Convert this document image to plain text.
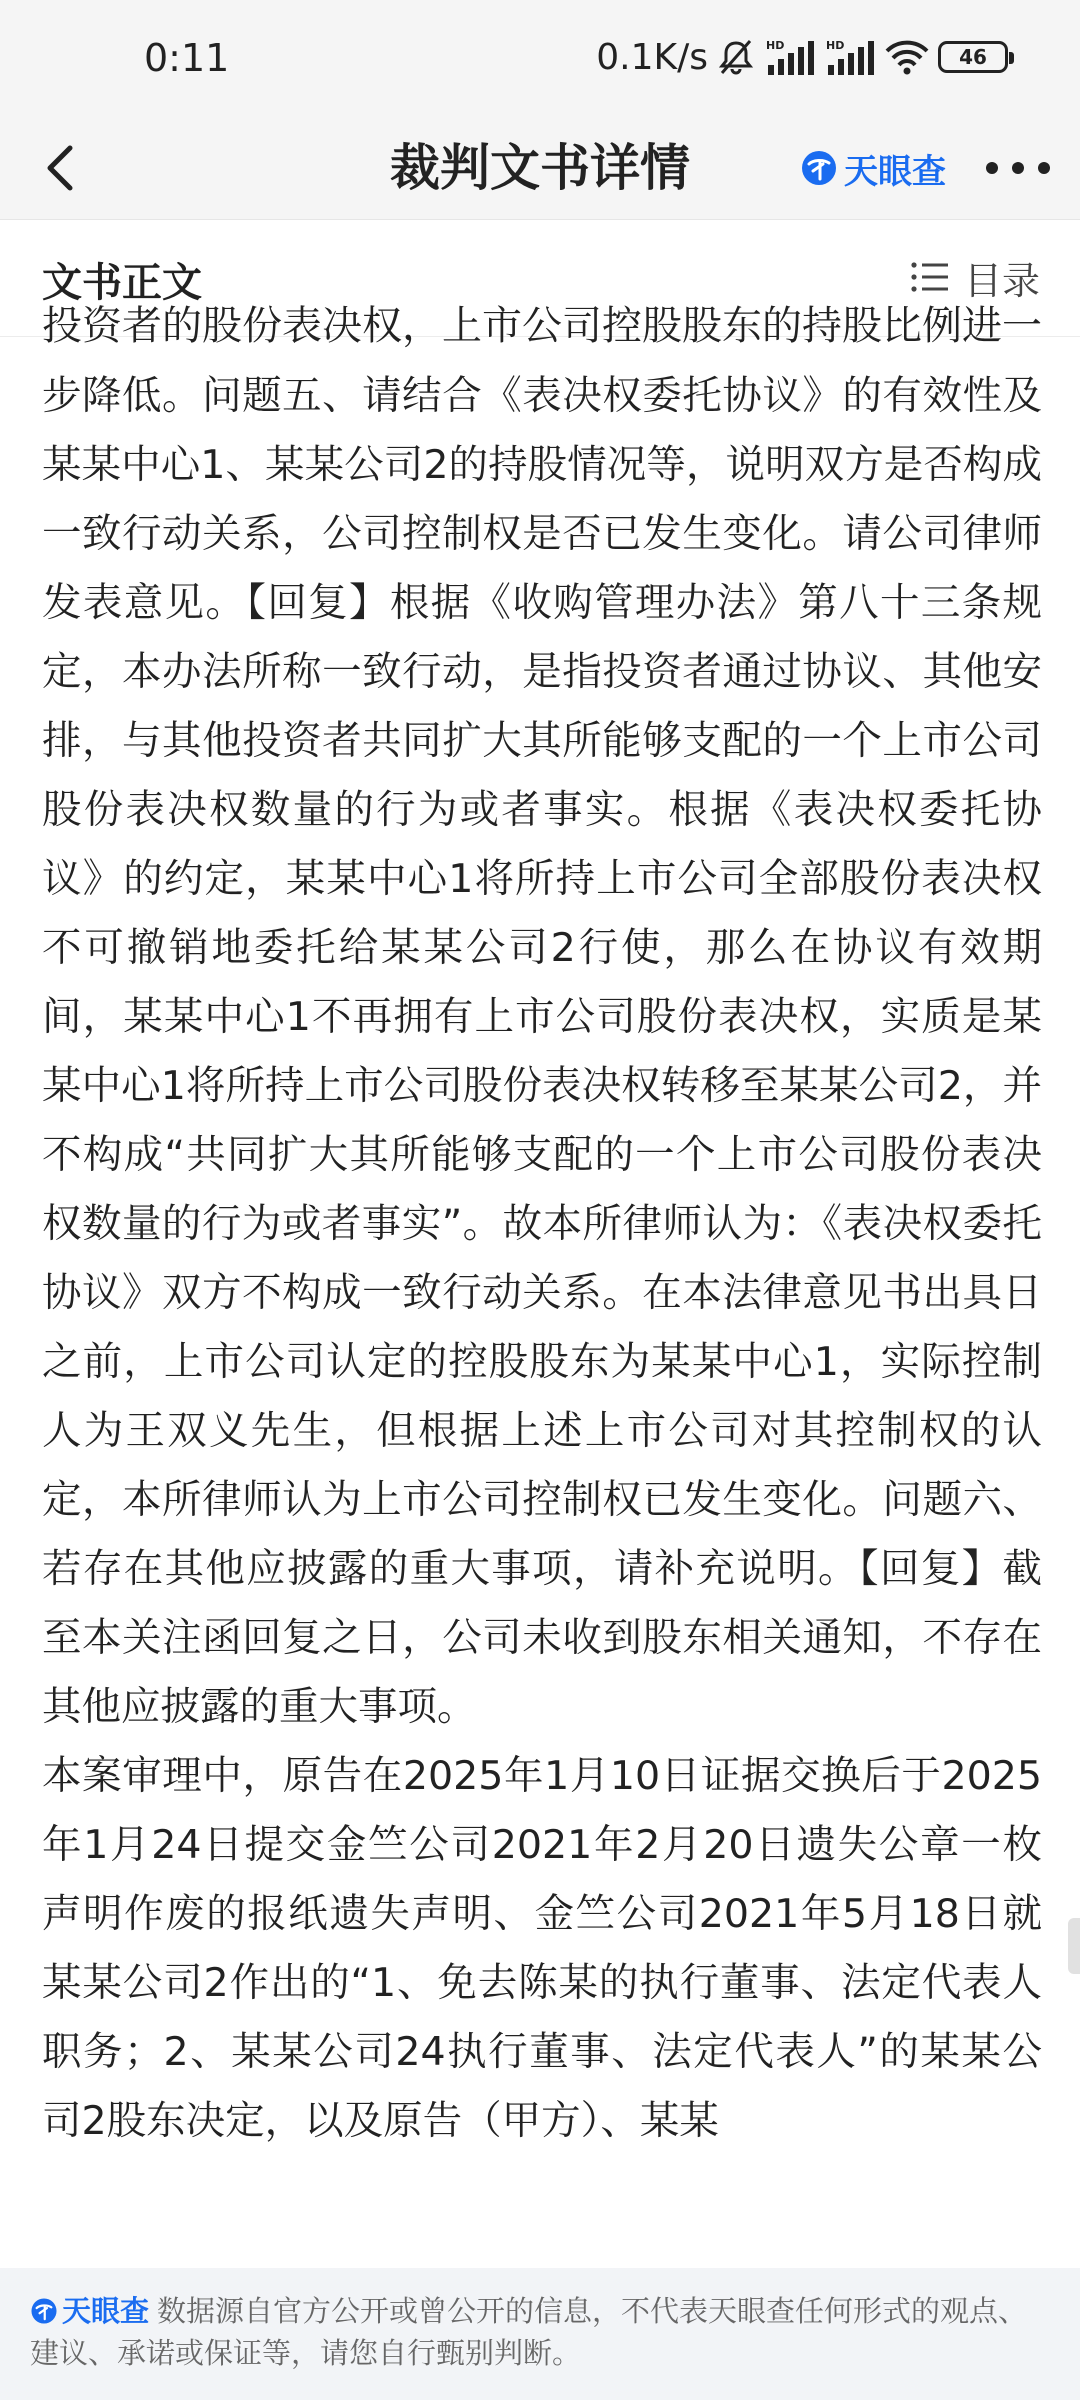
0:11	0.1K/s	HD	HD	46
裁判文书详情	天眼查
文书正文	目录
投资者的股份表决权，上市公司控股股东的持股比例进一

步降低。问题五、请结合《表决权委托协议》的有效性及某某中心1、某某公司2的持股情况等，说明双方是否构成一致行动关系，公司控制权是否已发生变化。请公司律师发表意见。【回复】根据《收购管理办法》第八十三条规定，本办法所称一致行动，是指投资者通过协议、其他安排，与其他投资者共同扩大其所能够支配的一个上市公司股份表决权数量的行为或者事实。根据《表决权委托协议》的约定，某某中心1将所持上市公司全部股份表决权不可撤销地委托给某某公司2行使，那么在协议有效期间，某某中心1不再拥有上市公司股份表决权，实质是某某中心1将所持上市公司股份表决权转移至某某公司2，并不构成“共同扩大其所能够支配的一个上市公司股份表决权数量的行为或者事实”。故本所律师认为：《表决权委托协议》双方不构成一致行动关系。在本法律意见书出具日之前，上市公司认定的控股股东为某某中心1，实际控制人为王双义先生，但根据上述上市公司对其控制权的认定，本所律师认为上市公司控制权已发生变化。问题六、若存在其他应披露的重大事项，请补充说明。【回复】截至本关注函回复之日，公司未收到股东相关通知，不存在其他应披露的重大事项。

本案审理中，原告在2025年1月10日证据交换后于2025年1月24日提交金竺公司2021年2月20日遗失公章一枚声明作废的报纸遗失声明、金竺公司2021年5月18日就某某公司2作出的“1、免去陈某的执行董事、法定代表人职务；2、某某公司24执行董事、法定代表人”的某某公司2股东决定，以及原告（甲方）、某某

天眼查 数据源自官方公开或曾公开的信息，不代表天眼查任何形式的观点、建议、承诺或保证等，请您自行甄别判断。
